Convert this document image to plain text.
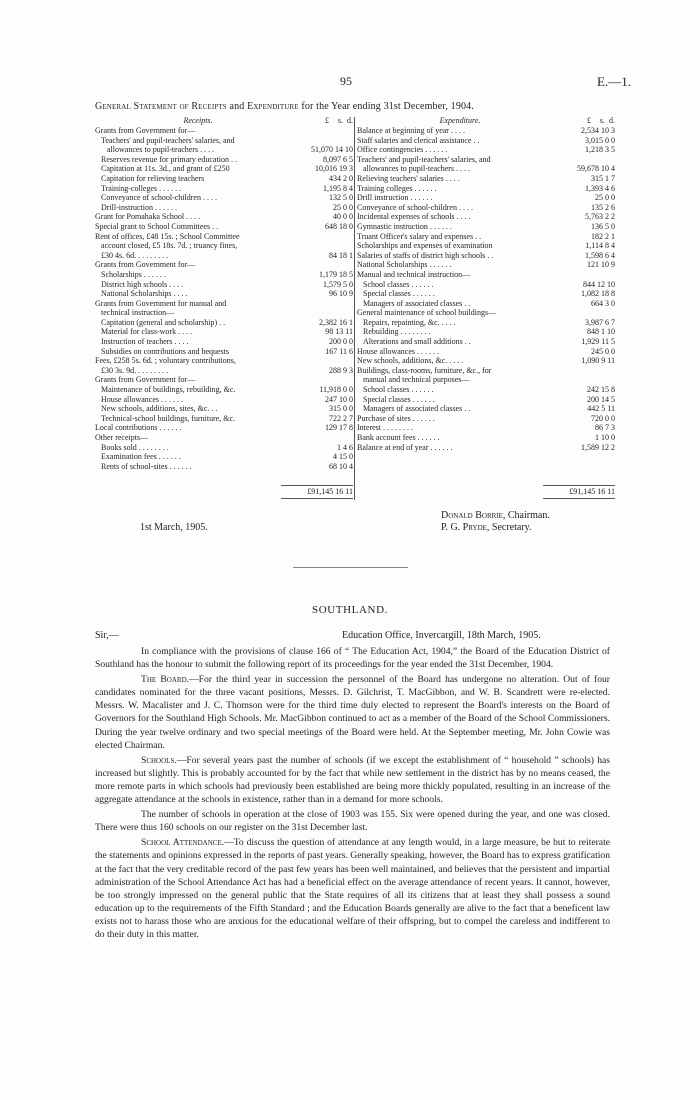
95	E.—1.
General Statement of Receipts and Expenditure for the Year ending 31st December, 1904.
Receipts.	£	s. d.
Grants from Government for—
Teachers' and pupil-teachers' salaries, and
allowances to pupil-teachers . . . .	51,070 14 10
Reserves revenue for primary education . .	8,097 6 5
Capitation at 11s. 3d., and grant of £250	10,016 19 3
Capitation for relieving teachers	434 2 0
Training-colleges . . . . . .	1,195 8 4
Conveyance of school-children . . . .	132 5 0
Drill-instruction . . . . . .	25 0 0
Grant for Pomahaka School . . . .	40 0 0
Special grant to School Committees . .	648 18 0
Rent of offices, £48 15s. ; School Committee
account closed, £5 18s. 7d. ; truancy fines,
£30 4s. 6d. . . . . . . . .	84 18 1
Grants from Government for—
Scholarships . . . . . .	1,179 18 5
District high schools . . . .	1,579 5 0
National Scholarships . . . .	96 10 9
Grants from Government for manual and
technical instruction—
Capitation (general and scholarship) . .	2,382 16 1
Material for class-work . . . .	98 13 11
Instruction of teachers . . . .	200 0 0
Subsidies on contributions and bequests	167 11 6
Fees, £258 5s. 6d. ; voluntary contributions,
£30 3s. 9d. . . . . . . . .	288 9 3
Grants from Government for—
Maintenance of buildings, rebuilding, &c.	11,918 0 0
House allowances . . . . . .	247 10 0
New schools, additions, sites, &c. . .	315 0 0
Technical-school buildings, furniture, &c.	722 2 7
Local contributions . . . . . .	129 17 8
Other receipts—
Books sold . . . . . . . .	1 4 6
Examination fees . . . . . .	4 15 0
Rents of school-sites . . . . . .	68 10 4
Expenditure.	£	s. d.
Balance at beginning of year . . . .	2,534 10 3
Staff salaries and clerical assistance . .	3,015 0 0
Office contingencies . . . . . .	1,218 3 5
Teachers' and pupil-teachers' salaries, and
allowances to pupil-teachers . . . .	59,678 10 4
Relieving teachers' salaries . . . .	315 1 7
Training colleges . . . . . .	1,393 4 6
Drill instruction . . . . . .	25 0 0
Conveyance of school-children . . . .	135 2 6
Incidental expenses of schools . . . .	5,763 2 2
Gymnastic instruction . . . . . .	136 5 0
Truant Officer's salary and expenses . .	182 2 1
Scholarships and expenses of examination	1,114 8 4
Salaries of staffs of district high schools . .	1,598 6 4
National Scholarships . . . . . .	121 10 9
Manual and technical instruction—
School classes . . . . . .	844 12 10
Special classes . . . . . .	1,082 18 8
Managers of associated classes . .	664 3 0
General maintenance of school buildings—
Repairs, repainting, &c. . . . .	3,987 6 7
Rebuilding . . . . . . . .	848 1 10
Alterations and small additions . .	1,929 11 5
House allowances . . . . . .	245 0 0
New schools, additions, &c. . . . .	1,090 9 11
Buildings, class-rooms, furniture, &c., for
manual and technical purposes—
School classes . . . . . .	242 15 8
Special classes . . . . . .	200 14 5
Managers of associated classes . .	442 5 11
Purchase of sites . . . . . .	720 0 0
Interest . . . . . . . .	86 7 3
Bank account fees . . . . . .	1 10 0
Balance at end of year . . . . . .	1,589 12 2
£91,145 16 11	£91,145 16 11
1st March, 1905.
Donald Borrie, Chairman.
P. G. Pryde, Secretary.
SOUTHLAND.
Sir,—	Education Office, Invercargill, 18th March, 1905.

In compliance with the provisions of clause 166 of “ The Education Act, 1904,” the Board of the Education District of Southland has the honour to submit the following report of its proceedings for the year ended the 31st December, 1904.

The Board.—For the third year in succession the personnel of the Board has undergone no alteration. Out of four candidates nominated for the three vacant positions, Messrs. D. Gilchrist, T. MacGibbon, and W. B. Scandrett were re-elected. Messrs. W. Macalister and J. C. Thomson were for the third time duly elected to represent the Board's interests on the Board of Governors for the Southland High Schools. Mr. MacGibbon continued to act as a member of the Board of the School Commissioners. During the year twelve ordinary and two special meetings of the Board were held. At the September meeting, Mr. John Cowie was elected Chairman.

Schools.—For several years past the number of schools (if we except the establishment of “ household ” schools) has increased but slightly. This is probably accounted for by the fact that while new settlement in the district has by no means ceased, the more remote parts in which schools had previously been established are being more thickly populated, resulting in an increase of the aggregate attendance at the schools in existence, rather than in a demand for more schools.

The number of schools in operation at the close of 1903 was 155. Six were opened during the year, and one was closed. There were thus 160 schools on our register on the 31st December last.

School Attendance.—To discuss the question of attendance at any length would, in a large measure, be but to reiterate the statements and opinions expressed in the reports of past years. Generally speaking, however, the Board has to express gratification at the fact that the very creditable record of the past few years has been well maintained, and believes that the persistent and impartial administration of the School Attendance Act has had a beneficial effect on the average attendance of recent years. It cannot, however, be too strongly impressed on the general public that the State requires of all its citizens that at least they shall possess a sound education up to the requirements of the Fifth Standard ; and the Education Boards generally are alive to the fact that a beneficent law exists not to harass those who are anxious for the educational welfare of their offspring, but to compel the careless and indifferent to do their duty in this matter.
